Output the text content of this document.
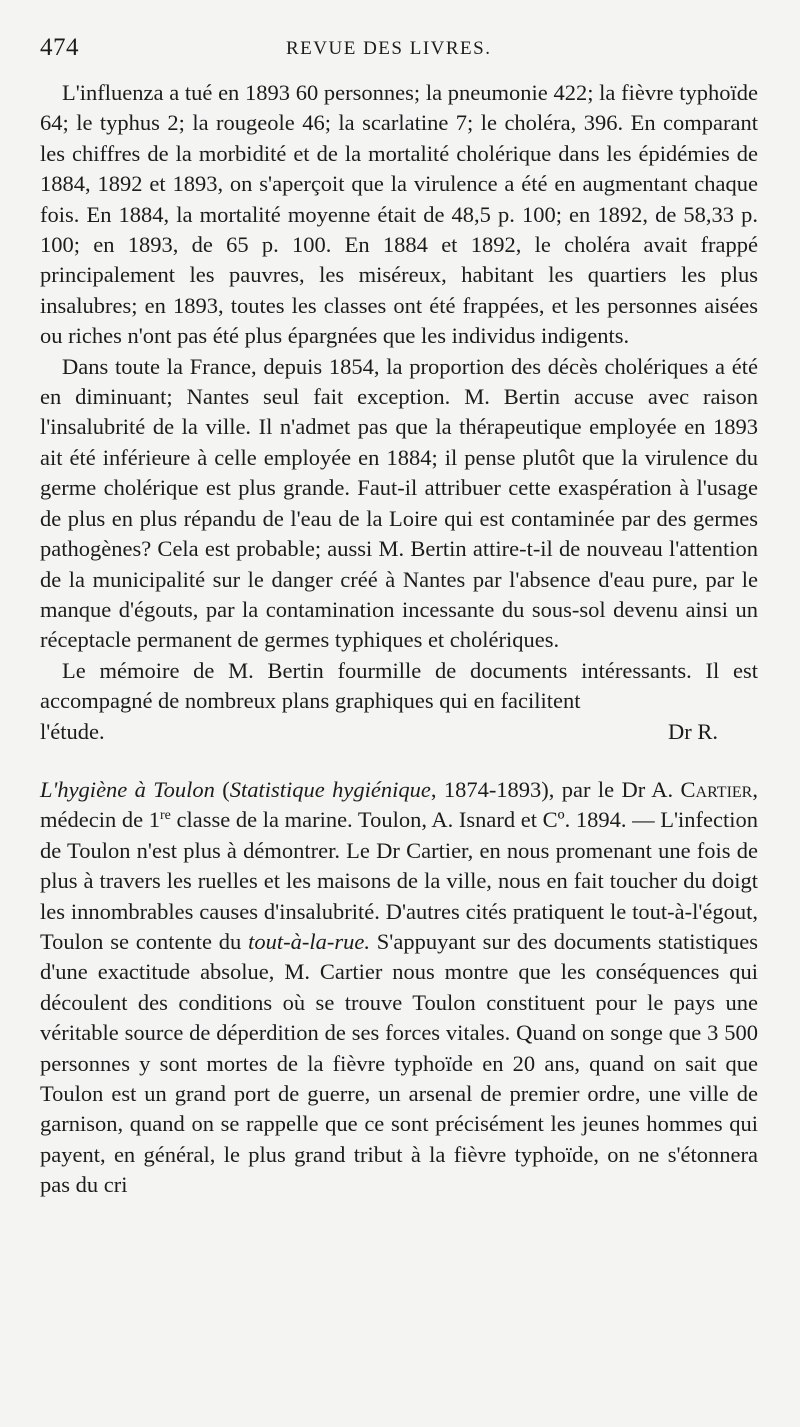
474	REVUE DES LIVRES.

L'influenza a tué en 1893 60 personnes; la pneumonie 422; la fièvre typhoïde 64; le typhus 2; la rougeole 46; la scarlatine 7; le choléra, 396. En comparant les chiffres de la morbidité et de la mortalité cholérique dans les épidémies de 1884, 1892 et 1893, on s'aperçoit que la virulence a été en augmentant chaque fois. En 1884, la mortalité moyenne était de 48,5 p. 100; en 1892, de 58,33 p. 100; en 1893, de 65 p. 100. En 1884 et 1892, le choléra avait frappé principalement les pauvres, les miséreux, habitant les quartiers les plus insalubres; en 1893, toutes les classes ont été frappées, et les personnes aisées ou riches n'ont pas été plus épargnées que les individus indigents.

Dans toute la France, depuis 1854, la proportion des décès cholériques a été en diminuant; Nantes seul fait exception. M. Bertin accuse avec raison l'insalubrité de la ville. Il n'admet pas que la thérapeutique employée en 1893 ait été inférieure à celle employée en 1884; il pense plutôt que la virulence du germe cholérique est plus grande. Faut-il attribuer cette exaspération à l'usage de plus en plus répandu de l'eau de la Loire qui est contaminée par des germes pathogènes? Cela est probable; aussi M. Bertin attire-t-il de nouveau l'attention de la municipalité sur le danger créé à Nantes par l'absence d'eau pure, par le manque d'égouts, par la contamination incessante du sous-sol devenu ainsi un réceptacle permanent de germes typhiques et cholériques.

Le mémoire de M. Bertin fourmille de documents intéressants. Il est accompagné de nombreux plans graphiques qui en facilitent

l'étude.	Dr R.

L'hygiène à Toulon (Statistique hygiénique, 1874-1893), par le Dr A. Cartier, médecin de 1re classe de la marine. Toulon, A. Isnard et Cº. 1894. — L'infection de Toulon n'est plus à démontrer. Le Dr Cartier, en nous promenant une fois de plus à travers les ruelles et les maisons de la ville, nous en fait toucher du doigt les innombrables causes d'insalubrité. D'autres cités pratiquent le tout-à-l'égout, Toulon se contente du tout-à-la-rue. S'appuyant sur des documents statistiques d'une exactitude absolue, M. Cartier nous montre que les conséquences qui découlent des conditions où se trouve Toulon constituent pour le pays une véritable source de déperdition de ses forces vitales. Quand on songe que 3 500 personnes y sont mortes de la fièvre typhoïde en 20 ans, quand on sait que Toulon est un grand port de guerre, un arsenal de premier ordre, une ville de garnison, quand on se rappelle que ce sont précisément les jeunes hommes qui payent, en général, le plus grand tribut à la fièvre typhoïde, on ne s'étonnera pas du cri
